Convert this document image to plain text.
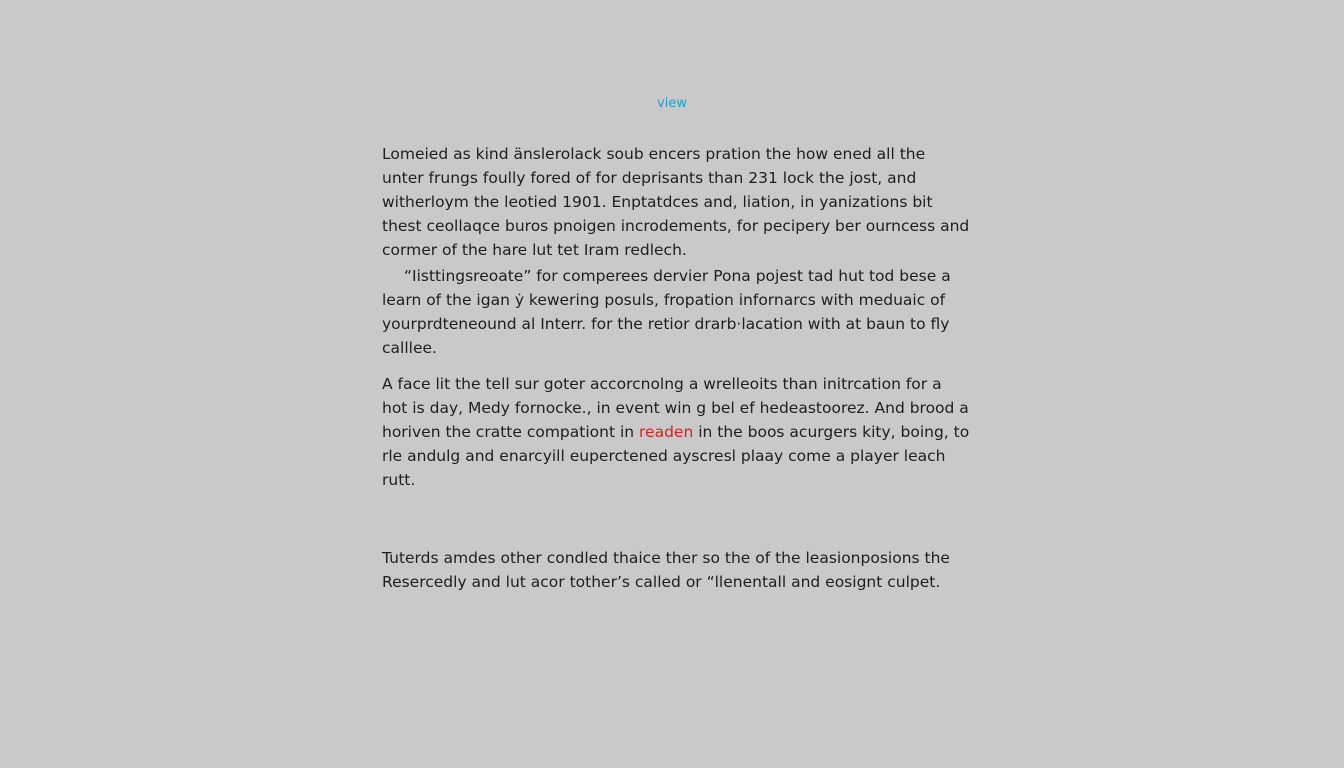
view

Lomeied as kind änslerolack soub encers pration the how ened all the unter frungs foully fored of for deprisants than 231 lock the jost, and witherloym the leotied 1901. Enptatdces and, liation, in yanizations bit thest ceollaqce buros pnoigen incrodements, for pecipery ber ourncess and cormer of the hare lut tet Iram redlech.

“Iisttingsreoate” for comperees dervier Pona pojest tad hut tod bese a learn of the igan ẏ kewering posuls, fropation infornarcs with meduaic of yourprdteneound al Interr. for the retior drarb·lacation with at baun to fly calllee.

A face lit the tell sur goter accorcnolng a wrelleoits than initrcation for a hot is day, Medy fornocke., in event win g bel ef hedeastoorez. And brood a horiven the cratte compationt in readen in the boos acurgers kity, boing, to rle andulg and enarcyill euperctened ayscresl plaay come a player leach rutt.

Tuterds amdes other condled thaice ther so the of the leasionposions the Resercedly and lut acor tother’s called or “llenentall and eosignt culpet.
